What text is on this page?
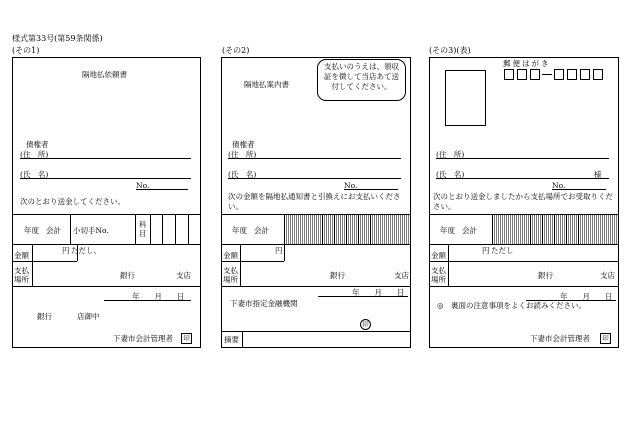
様式第33号(第59条関係)
(その1)	(その2)	(その3)(表)
隔地払依頼書
債権者
(住　所)
(氏　名)
No.
次のとおり送金してください。
年度 会計 小切手No.
科目
金額
円 ただし、
支払場所	銀行	支店
年　　月　　日
銀行	店御中
下妻市会計管理者	印
隔地払案内書
支払いのうえは、領収証を徴して当店あて送付してください。
債権者
(住　所)
(氏　名)
No.
次の金額を隔地払通知書と引換えにお支払いください。
年度 会計
金額
円
支払場所	銀行	支店
年　　月　　日
下妻市指定金融機関
印
摘要
郵便はがき
(住　所)
(氏　名)	様
No.
次のとおり送金しましたから支払場所でお受取りください。
年度 会計
金額
円 ただし
支払場所	銀行	支店
年　　月　　日
◎　裏面の注意事項をよくお読みください。
下妻市会計管理者	印
